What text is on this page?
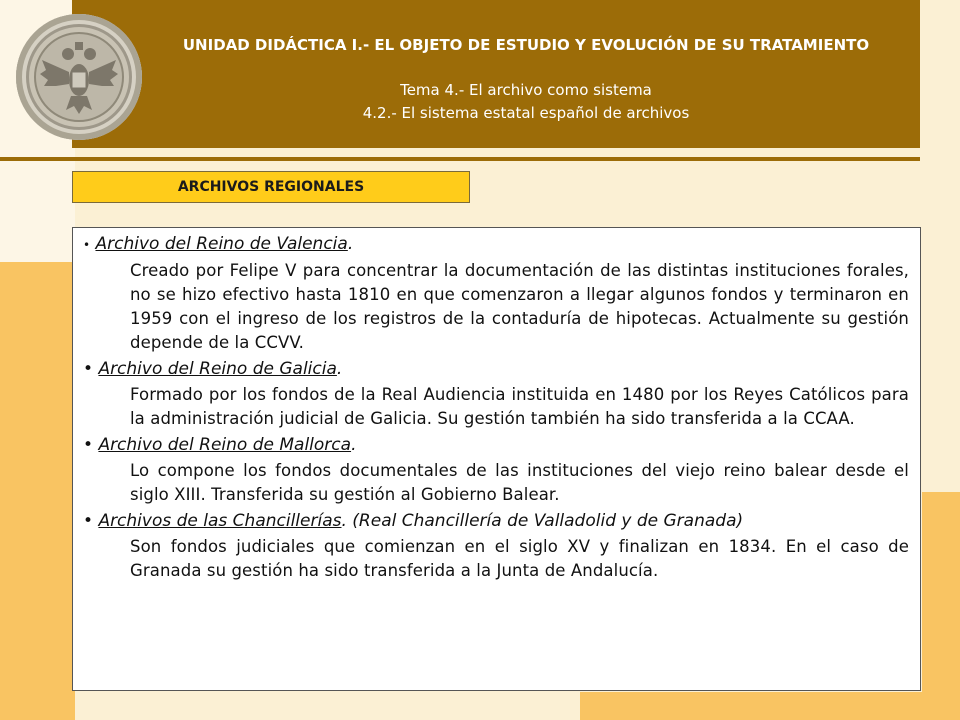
UNIDAD DIDÁCTICA I.- EL OBJETO DE ESTUDIO Y EVOLUCIÓN DE SU TRATAMIENTO
Tema 4.- El archivo como sistema
4.2.- El sistema estatal español de archivos
ARCHIVOS REGIONALES
• Archivo del Reino de Valencia.
Creado por Felipe V para concentrar la documentación de las distintas instituciones forales, no se hizo efectivo hasta 1810 en que comenzaron a llegar algunos fondos y terminaron en 1959 con el ingreso de los registros de la contaduría de hipotecas. Actualmente su gestión depende de la CCVV.
• Archivo del Reino de Galicia.
Formado por los fondos de la Real Audiencia instituida en 1480 por los Reyes Católicos para la administración judicial de Galicia. Su gestión también ha sido transferida a la CCAA.
• Archivo del Reino de Mallorca.
Lo compone los fondos documentales de las instituciones del viejo reino balear desde el siglo XIII. Transferida su gestión al Gobierno Balear.
• Archivos de las Chancillerías. (Real Chancillería de Valladolid y de Granada)
Son fondos judiciales que comienzan en el siglo XV y finalizan en 1834. En el caso de Granada su gestión ha sido transferida a la Junta de Andalucía.
